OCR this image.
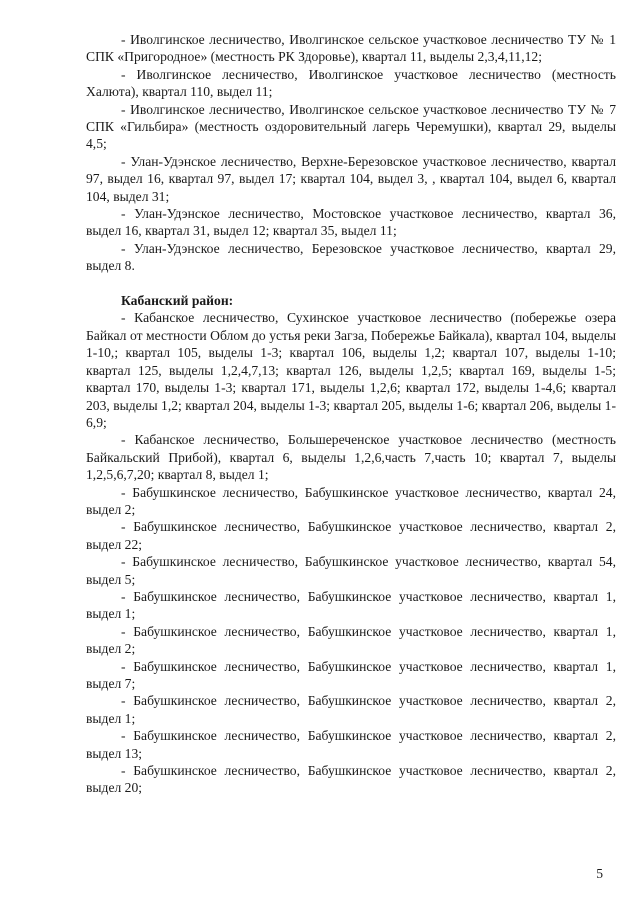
- Иволгинское лесничество, Иволгинское сельское участковое лесничество ТУ № 1 СПК «Пригородное» (местность РК Здоровье), квартал 11, выделы 2,3,4,11,12;

- Иволгинское лесничество, Иволгинское участковое лесничество (местность Халюта), квартал 110, выдел 11;

- Иволгинское лесничество, Иволгинское сельское участковое лесничество ТУ № 7 СПК «Гильбира» (местность оздоровительный лагерь Черемушки), квартал 29, выделы 4,5;

- Улан-Удэнское лесничество, Верхне-Березовское участковое лесничество, квартал 97, выдел 16, квартал 97, выдел 17; квартал 104, выдел 3, , квартал 104, выдел 6, квартал 104, выдел 31;

- Улан-Удэнское лесничество, Мостовское участковое лесничество, квартал 36, выдел 16, квартал 31, выдел 12; квартал 35, выдел 11;

- Улан-Удэнское лесничество, Березовское участковое лесничество, квартал 29, выдел 8.

Кабанский район:

- Кабанское лесничество, Сухинское участковое лесничество (побережье озера Байкал от местности Облом до устья реки Загза, Побережье Байкала), квартал 104, выделы 1-10,; квартал 105, выделы 1-3; квартал 106, выделы 1,2; квартал 107, выделы 1-10; квартал 125, выделы 1,2,4,7,13; квартал 126, выделы 1,2,5; квартал 169, выделы 1-5; квартал 170, выделы 1-3; квартал 171, выделы 1,2,6; квартал 172, выделы 1-4,6; квартал 203, выделы 1,2; квартал 204, выделы 1-3; квартал 205, выделы 1-6; квартал 206, выделы 1-6,9;

- Кабанское лесничество, Большереченское участковое лесничество (местность Байкальский Прибой), квартал 6, выделы 1,2,6,часть 7,часть 10; квартал 7, выделы 1,2,5,6,7,20; квартал 8, выдел 1;

- Бабушкинское лесничество, Бабушкинское участковое лесничество, квартал 24, выдел 2;

- Бабушкинское лесничество, Бабушкинское участковое лесничество, квартал 2, выдел 22;

- Бабушкинское лесничество, Бабушкинское участковое лесничество, квартал 54, выдел 5;

- Бабушкинское лесничество, Бабушкинское участковое лесничество, квартал 1, выдел 1;

- Бабушкинское лесничество, Бабушкинское участковое лесничество, квартал 1, выдел 2;

- Бабушкинское лесничество, Бабушкинское участковое лесничество, квартал 1, выдел 7;

- Бабушкинское лесничество, Бабушкинское участковое лесничество, квартал 2, выдел 1;

- Бабушкинское лесничество, Бабушкинское участковое лесничество, квартал 2, выдел 13;

- Бабушкинское лесничество, Бабушкинское участковое лесничество, квартал 2, выдел 20;

5
